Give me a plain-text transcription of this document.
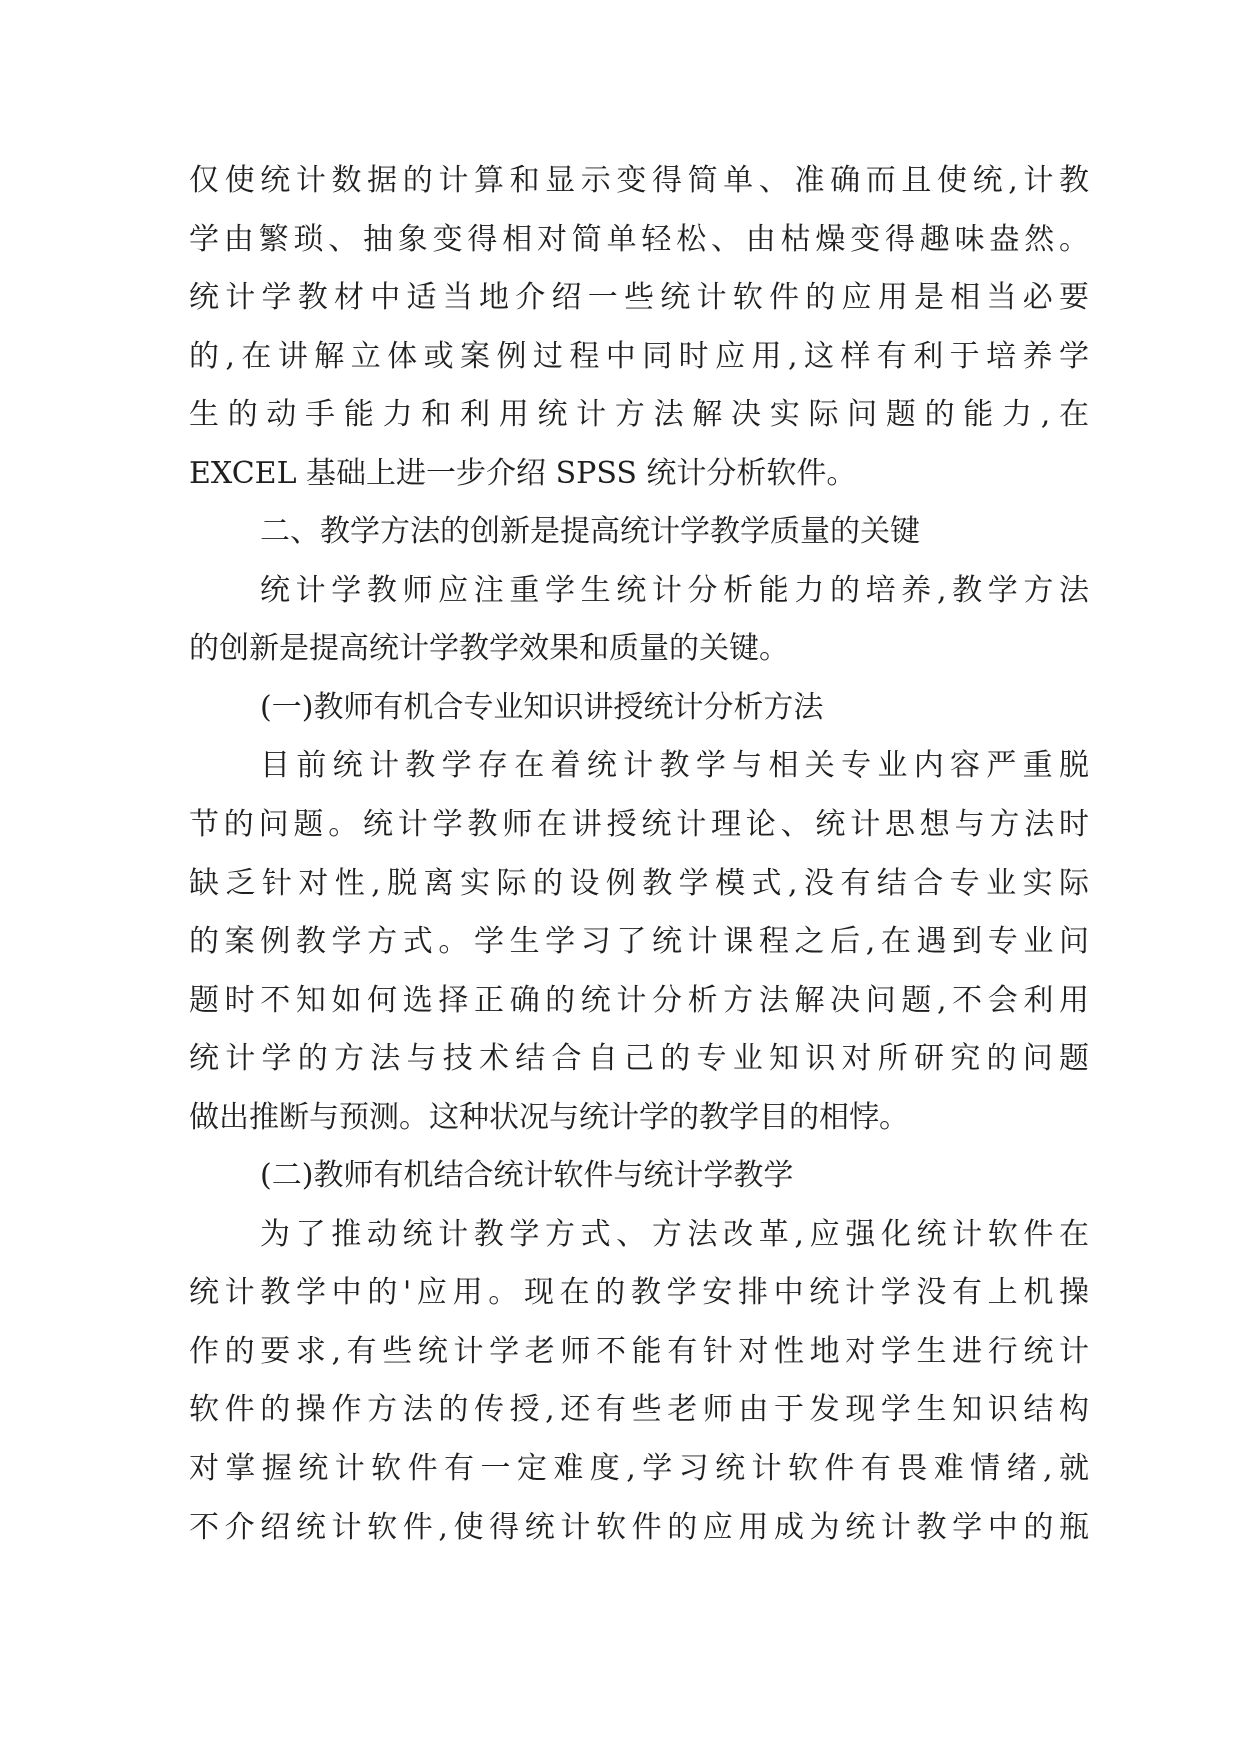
仅使统计数据的计算和显示变得简单、准确而且使统,计教
学由繁琐、抽象变得相对简单轻松、由枯燥变得趣味盎然。
统计学教材中适当地介绍一些统计软件的应用是相当必要
的,在讲解立体或案例过程中同时应用,这样有利于培养学
生的动手能力和利用统计方法解决实际问题的能力,在
EXCEL 基础上进一步介绍 SPSS 统计分析软件。
二、教学方法的创新是提高统计学教学质量的关键
统计学教师应注重学生统计分析能力的培养,教学方法
的创新是提高统计学教学效果和质量的关键。
(一)教师有机合专业知识讲授统计分析方法
目前统计教学存在着统计教学与相关专业内容严重脱
节的问题。统计学教师在讲授统计理论、统计思想与方法时
缺乏针对性,脱离实际的设例教学模式,没有结合专业实际
的案例教学方式。学生学习了统计课程之后,在遇到专业问
题时不知如何选择正确的统计分析方法解决问题,不会利用
统计学的方法与技术结合自己的专业知识对所研究的问题
做出推断与预测。这种状况与统计学的教学目的相悖。
(二)教师有机结合统计软件与统计学教学
为了推动统计教学方式、方法改革,应强化统计软件在
统计教学中的'应用。现在的教学安排中统计学没有上机操
作的要求,有些统计学老师不能有针对性地对学生进行统计
软件的操作方法的传授,还有些老师由于发现学生知识结构
对掌握统计软件有一定难度,学习统计软件有畏难情绪,就
不介绍统计软件,使得统计软件的应用成为统计教学中的瓶
